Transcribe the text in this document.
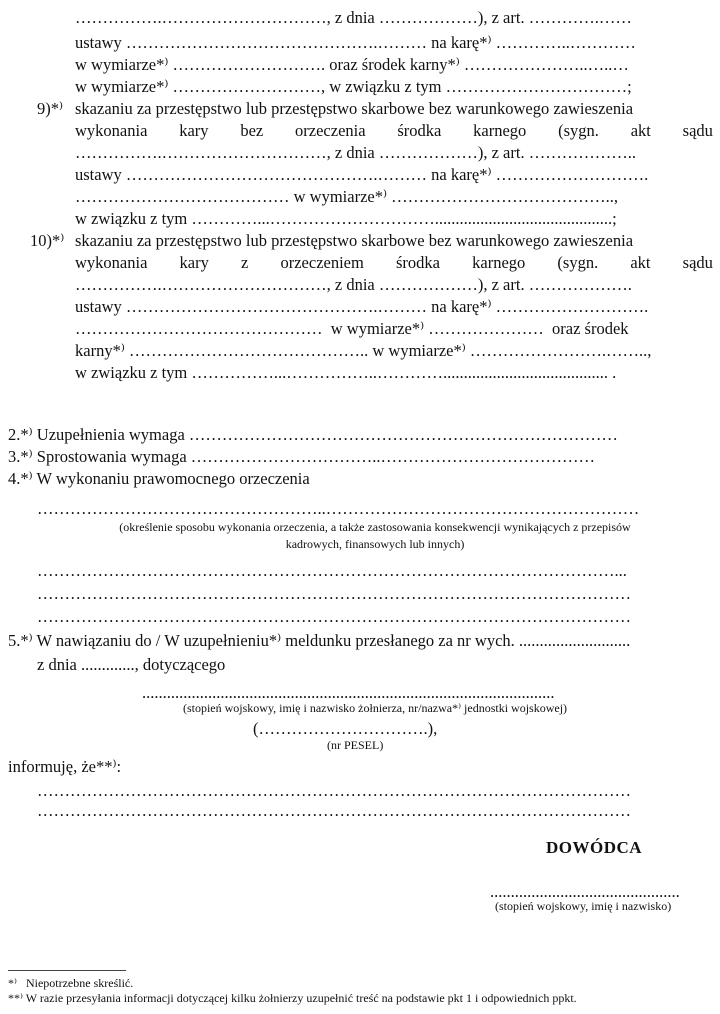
…………….…………………………, z dnia ………………), z art. ………….……
ustawy ……………………………………….……… na karę*⁾ …………..…………
w wymiarze*⁾ ………………………. oraz środek karny*⁾ …………………..…..…
w wymiarze*⁾ ………………………, w związku z tym ……………………………;
9)*⁾ skazaniu za przestępstwo lub przestępstwo skarbowe bez warunkowego zawieszenia
wykonania kary bez orzeczenia środka karnego (sygn. akt sądu
…………….…………………………, z dnia ………………), z art. ………………..
ustawy ……………………………………….……… na karę*⁾ ……………………….
………………………………… w wymiarze*⁾ …………………………………..,
w związku z tym …………...…………………………...........................................;
10)*⁾ skazaniu za przestępstwo lub przestępstwo skarbowe bez warunkowego zawieszenia
wykonania kary z orzeczeniem środka karnego (sygn. akt sądu
…………….…………………………, z dnia ………………), z art. ……………….
ustawy ……………………………………….……… na karę*⁾ ……………………….
………………………………………  w wymiarze*⁾ …………………  oraz środek
karny*⁾ …………………………………….. w wymiarze*⁾ …………………….……..,
w związku z tym ……………...……………..…………........................................ .
2.*⁾ Uzupełnienia wymaga ……………………………………………………………………
3.*⁾ Sprostowania wymaga ……………………………..…………………………………
4.*⁾ W wykonaniu prawomocnego orzeczenia
……………………………………………..…………………………………………………
(określenie sposobu wykonania orzeczenia, a także zastosowania konsekwencji wynikających z przepisów
kadrowych, finansowych lub innych)
……………………………………………………………………………………………...
………………………………………………………………………………………………
………………………………………………………………………………………………
5.*⁾ W nawiązaniu do / W uzupełnieniu*⁾ meldunku przesłanego za nr wych. ...........................
z dnia ............., dotyczącego
....................................................................................................
(stopień wojskowy, imię i nazwisko żołnierza, nr/nazwa*⁾ jednostki wojskowej)
(………………………….),
(nr PESEL)
informuję, że**⁾:
………………………………………………………………………………………………
………………………………………………………………………………………………
DOWÓDCA
..............................................
(stopień wojskowy, imię i nazwisko)
*⁾   Niepotrzebne skreślić.
**⁾ W razie przesyłania informacji dotyczącej kilku żołnierzy uzupełnić treść na podstawie pkt 1 i odpowiednich ppkt.
